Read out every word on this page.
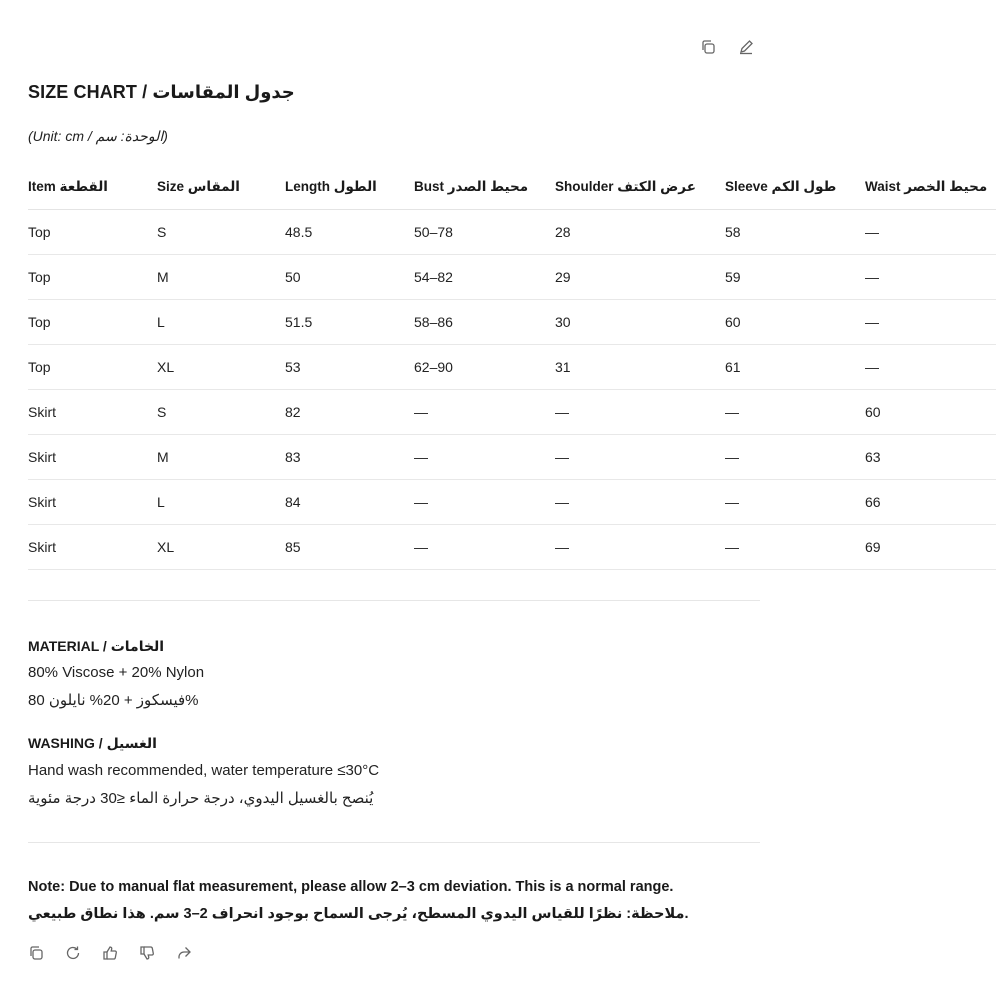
SIZE CHART / جدول المقاسات
(Unit: cm / الوحدة: سم)
Item القطعة	Size المقاس	Length الطول	Bust محيط الصدر	Shoulder عرض الكتف	Sleeve طول الكم	Waist محيط الخصر
Top	S	48.5	50–78	28	58	—
Top	M	50	54–82	29	59	—
Top	L	51.5	58–86	30	60	—
Top	XL	53	62–90	31	61	—
Skirt	S	82	—	—	—	60
Skirt	M	83	—	—	—	63
Skirt	L	84	—	—	—	66
Skirt	XL	85	—	—	—	69
MATERIAL / الخامات
80% Viscose + 20% Nylon
فيسكوز + 20% نايلون 80%
WASHING / الغسيل
Hand wash recommended, water temperature ≤30°C
يُنصح بالغسيل اليدوي، درجة حرارة الماء ≤30 درجة مئوية
Note: Due to manual flat measurement, please allow 2–3 cm deviation. This is a normal range.
ملاحظة: نظرًا للقياس اليدوي المسطح، يُرجى السماح بوجود انحراف 2–3 سم. هذا نطاق طبيعي.
